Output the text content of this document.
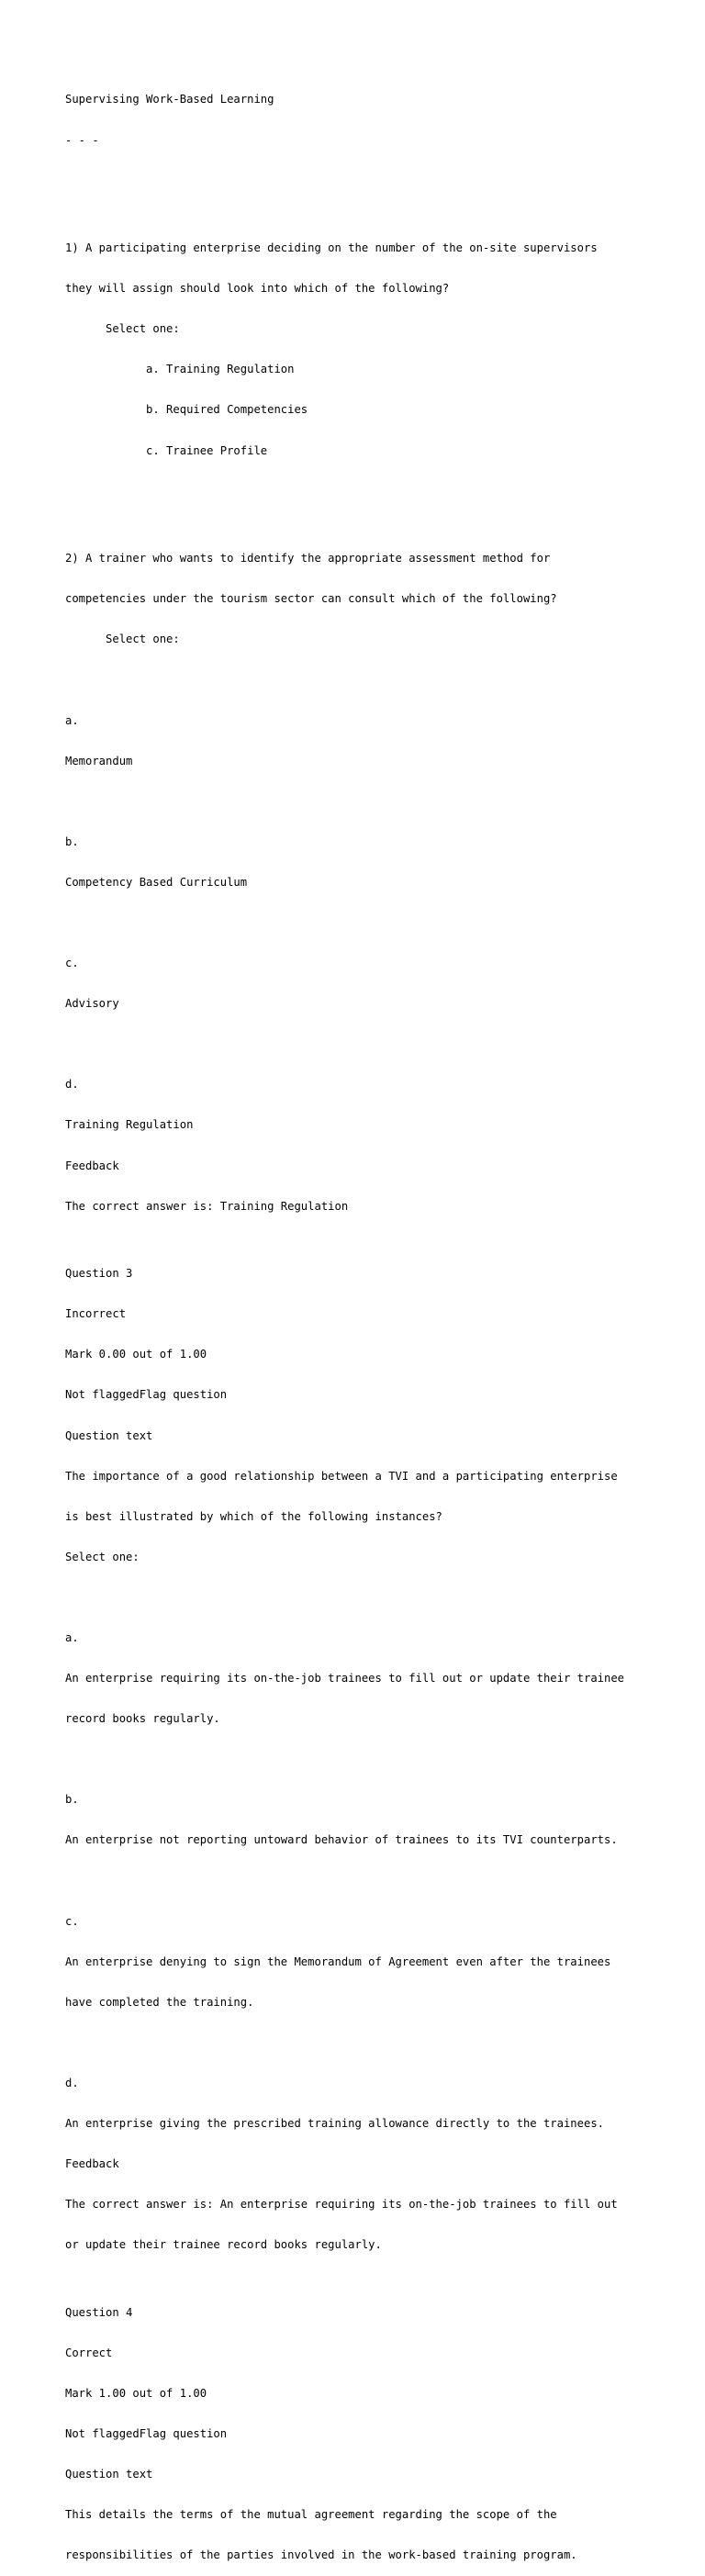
Supervising Work-Based Learning

- - -

1) A participating enterprise deciding on the number of the on-site supervisors

they will assign should look into which of the following?

Select one:

a. Training Regulation

b. Required Competencies

c. Trainee Profile

2) A trainer who wants to identify the appropriate assessment method for

competencies under the tourism sector can consult which of the following?

Select one:

a.

Memorandum

b.

Competency Based Curriculum

c.

Advisory

d.

Training Regulation

Feedback

The correct answer is: Training Regulation

Question 3

Incorrect

Mark 0.00 out of 1.00

Not flaggedFlag question

Question text

The importance of a good relationship between a TVI and a participating enterprise

is best illustrated by which of the following instances?

Select one:

a.

An enterprise requiring its on-the-job trainees to fill out or update their trainee

record books regularly.

b.

An enterprise not reporting untoward behavior of trainees to its TVI counterparts.

c.

An enterprise denying to sign the Memorandum of Agreement even after the trainees

have completed the training.

d.

An enterprise giving the prescribed training allowance directly to the trainees.

Feedback

The correct answer is: An enterprise requiring its on-the-job trainees to fill out

or update their trainee record books regularly.

Question 4

Correct

Mark 1.00 out of 1.00

Not flaggedFlag question

Question text

This details the terms of the mutual agreement regarding the scope of the

responsibilities of the parties involved in the work-based training program.
